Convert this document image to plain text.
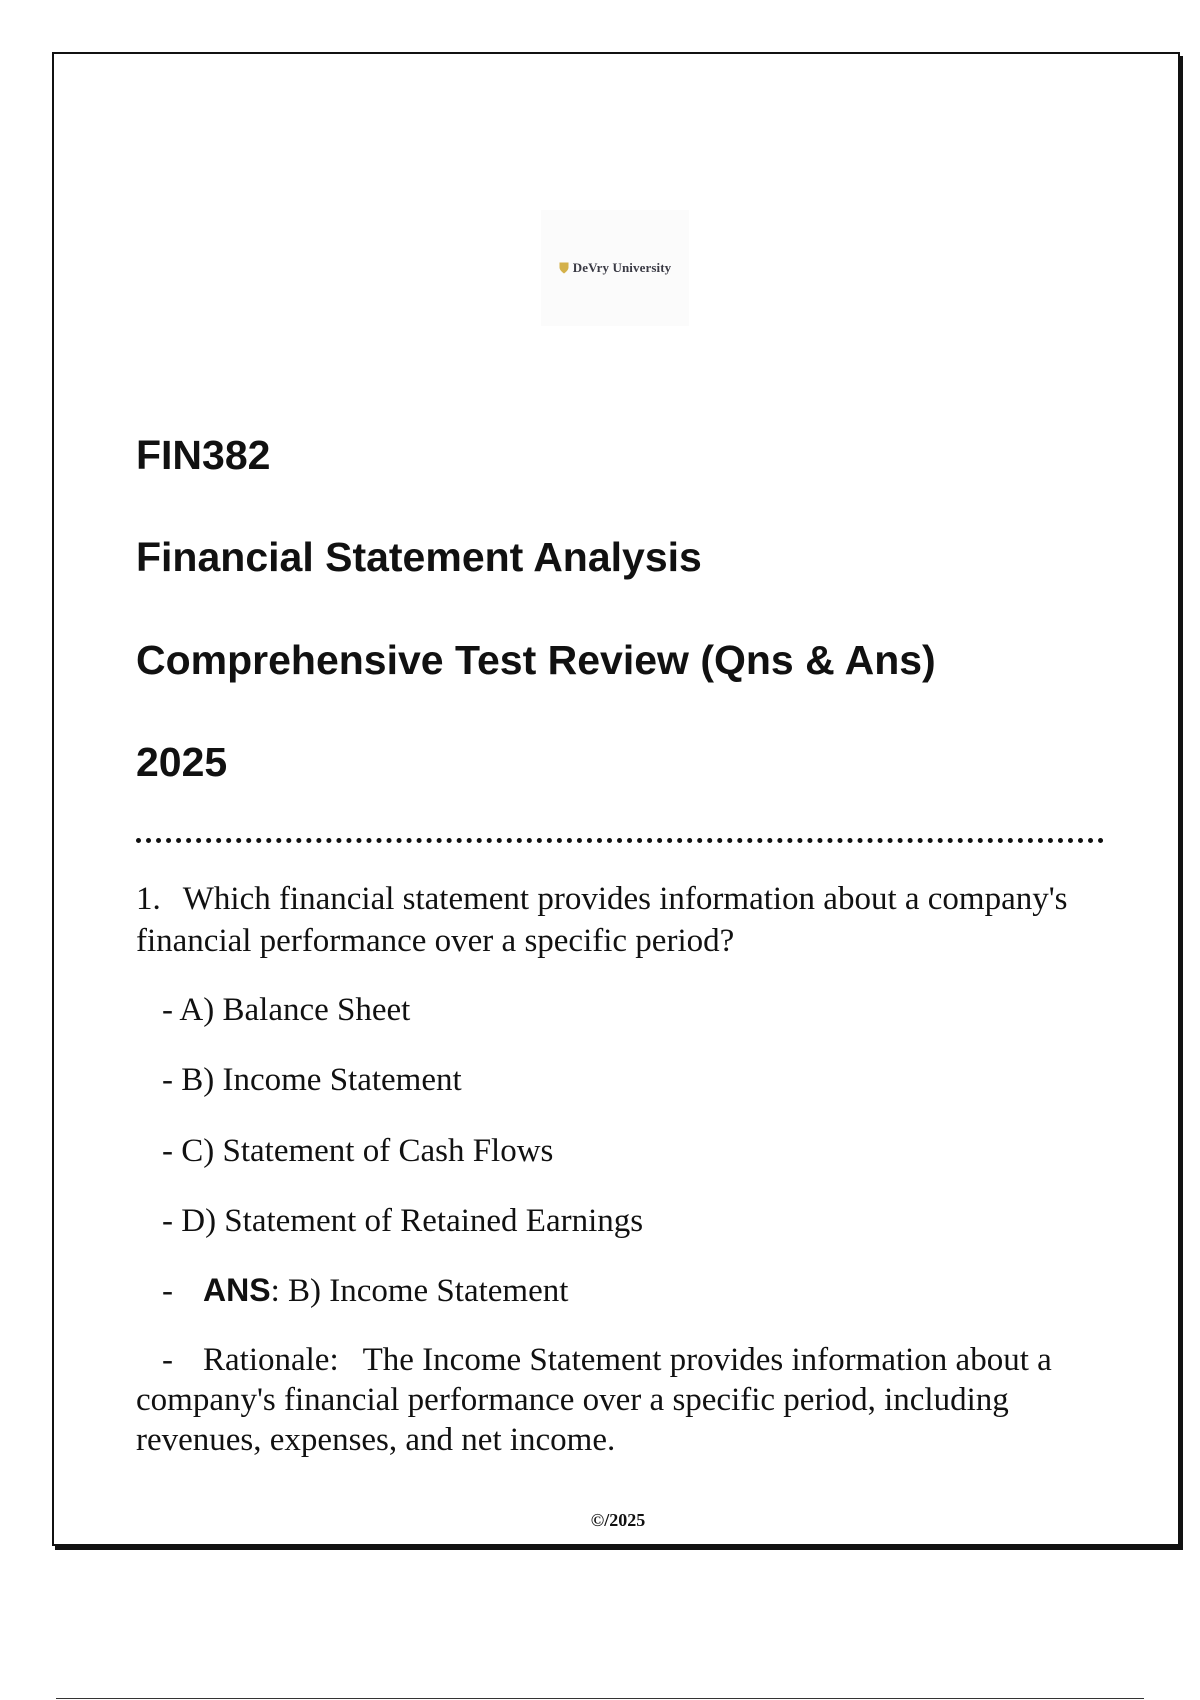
DeVry University
FIN382
Financial Statement Analysis
Comprehensive Test Review (Qns & Ans)
2025

1. Which financial statement provides information about a company's financial performance over a specific period?

- A) Balance Sheet

- B) Income Statement

- C) Statement of Cash Flows

- D) Statement of Retained Earnings

- ANS: B) Income Statement

- Rationale: The Income Statement provides information about a company's financial performance over a specific period, including revenues, expenses, and net income.

©/2025
